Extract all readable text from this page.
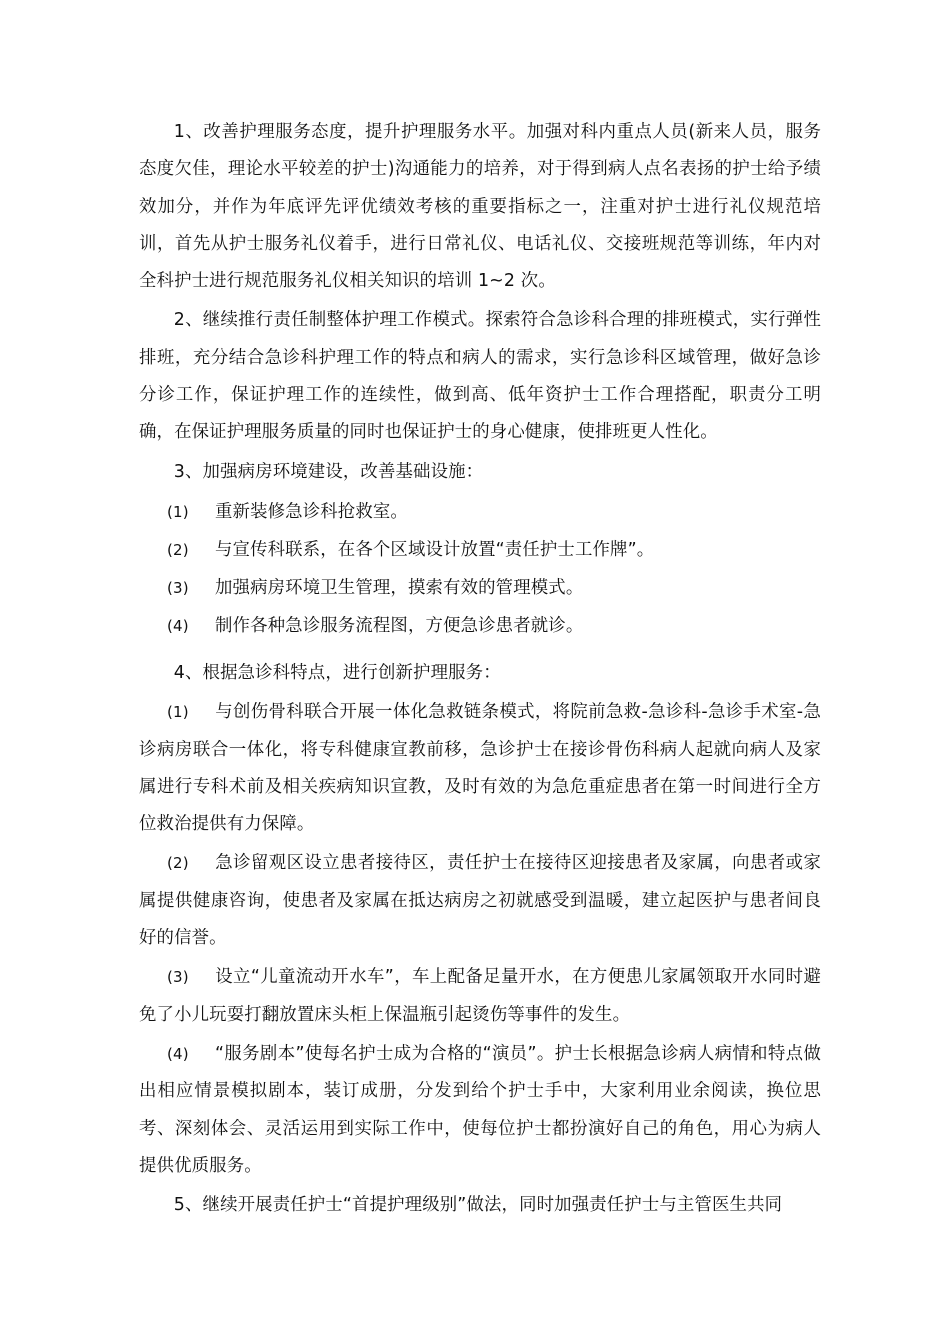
1、改善护理服务态度，提升护理服务水平。加强对科内重点人员(新来人员，服务态度欠佳，理论水平较差的护士)沟通能力的培养，对于得到病人点名表扬的护士给予绩效加分，并作为年底评先评优绩效考核的重要指标之一，注重对护士进行礼仪规范培训，首先从护士服务礼仪着手，进行日常礼仪、电话礼仪、交接班规范等训练，年内对全科护士进行规范服务礼仪相关知识的培训 1~2 次。

2、继续推行责任制整体护理工作模式。探索符合急诊科合理的排班模式，实行弹性排班，充分结合急诊科护理工作的特点和病人的需求，实行急诊科区域管理，做好急诊分诊工作，保证护理工作的连续性，做到高、低年资护士工作合理搭配，职责分工明确，在保证护理服务质量的同时也保证护士的身心健康，使排班更人性化。

3、加强病房环境建设，改善基础设施：

(1) 重新装修急诊科抢救室。

(2) 与宣传科联系，在各个区域设计放置“责任护士工作牌”。

(3) 加强病房环境卫生管理，摸索有效的管理模式。

(4) 制作各种急诊服务流程图，方便急诊患者就诊。

4、根据急诊科特点，进行创新护理服务：

(1) 与创伤骨科联合开展一体化急救链条模式，将院前急救-急诊科-急诊手术室-急诊病房联合一体化，将专科健康宣教前移，急诊护士在接诊骨伤科病人起就向病人及家属进行专科术前及相关疾病知识宣教，及时有效的为急危重症患者在第一时间进行全方位救治提供有力保障。

(2) 急诊留观区设立患者接待区，责任护士在接待区迎接患者及家属，向患者或家属提供健康咨询，使患者及家属在抵达病房之初就感受到温暖，建立起医护与患者间良好的信誉。

(3) 设立“儿童流动开水车”，车上配备足量开水，在方便患儿家属领取开水同时避免了小儿玩耍打翻放置床头柜上保温瓶引起烫伤等事件的发生。

(4) “服务剧本”使每名护士成为合格的“演员”。护士长根据急诊病人病情和特点做出相应情景模拟剧本，装订成册，分发到给个护士手中，大家利用业余阅读，换位思考、深刻体会、灵活运用到实际工作中，使每位护士都扮演好自己的角色，用心为病人提供优质服务。

5、继续开展责任护士“首提护理级别”做法，同时加强责任护士与主管医生共同
